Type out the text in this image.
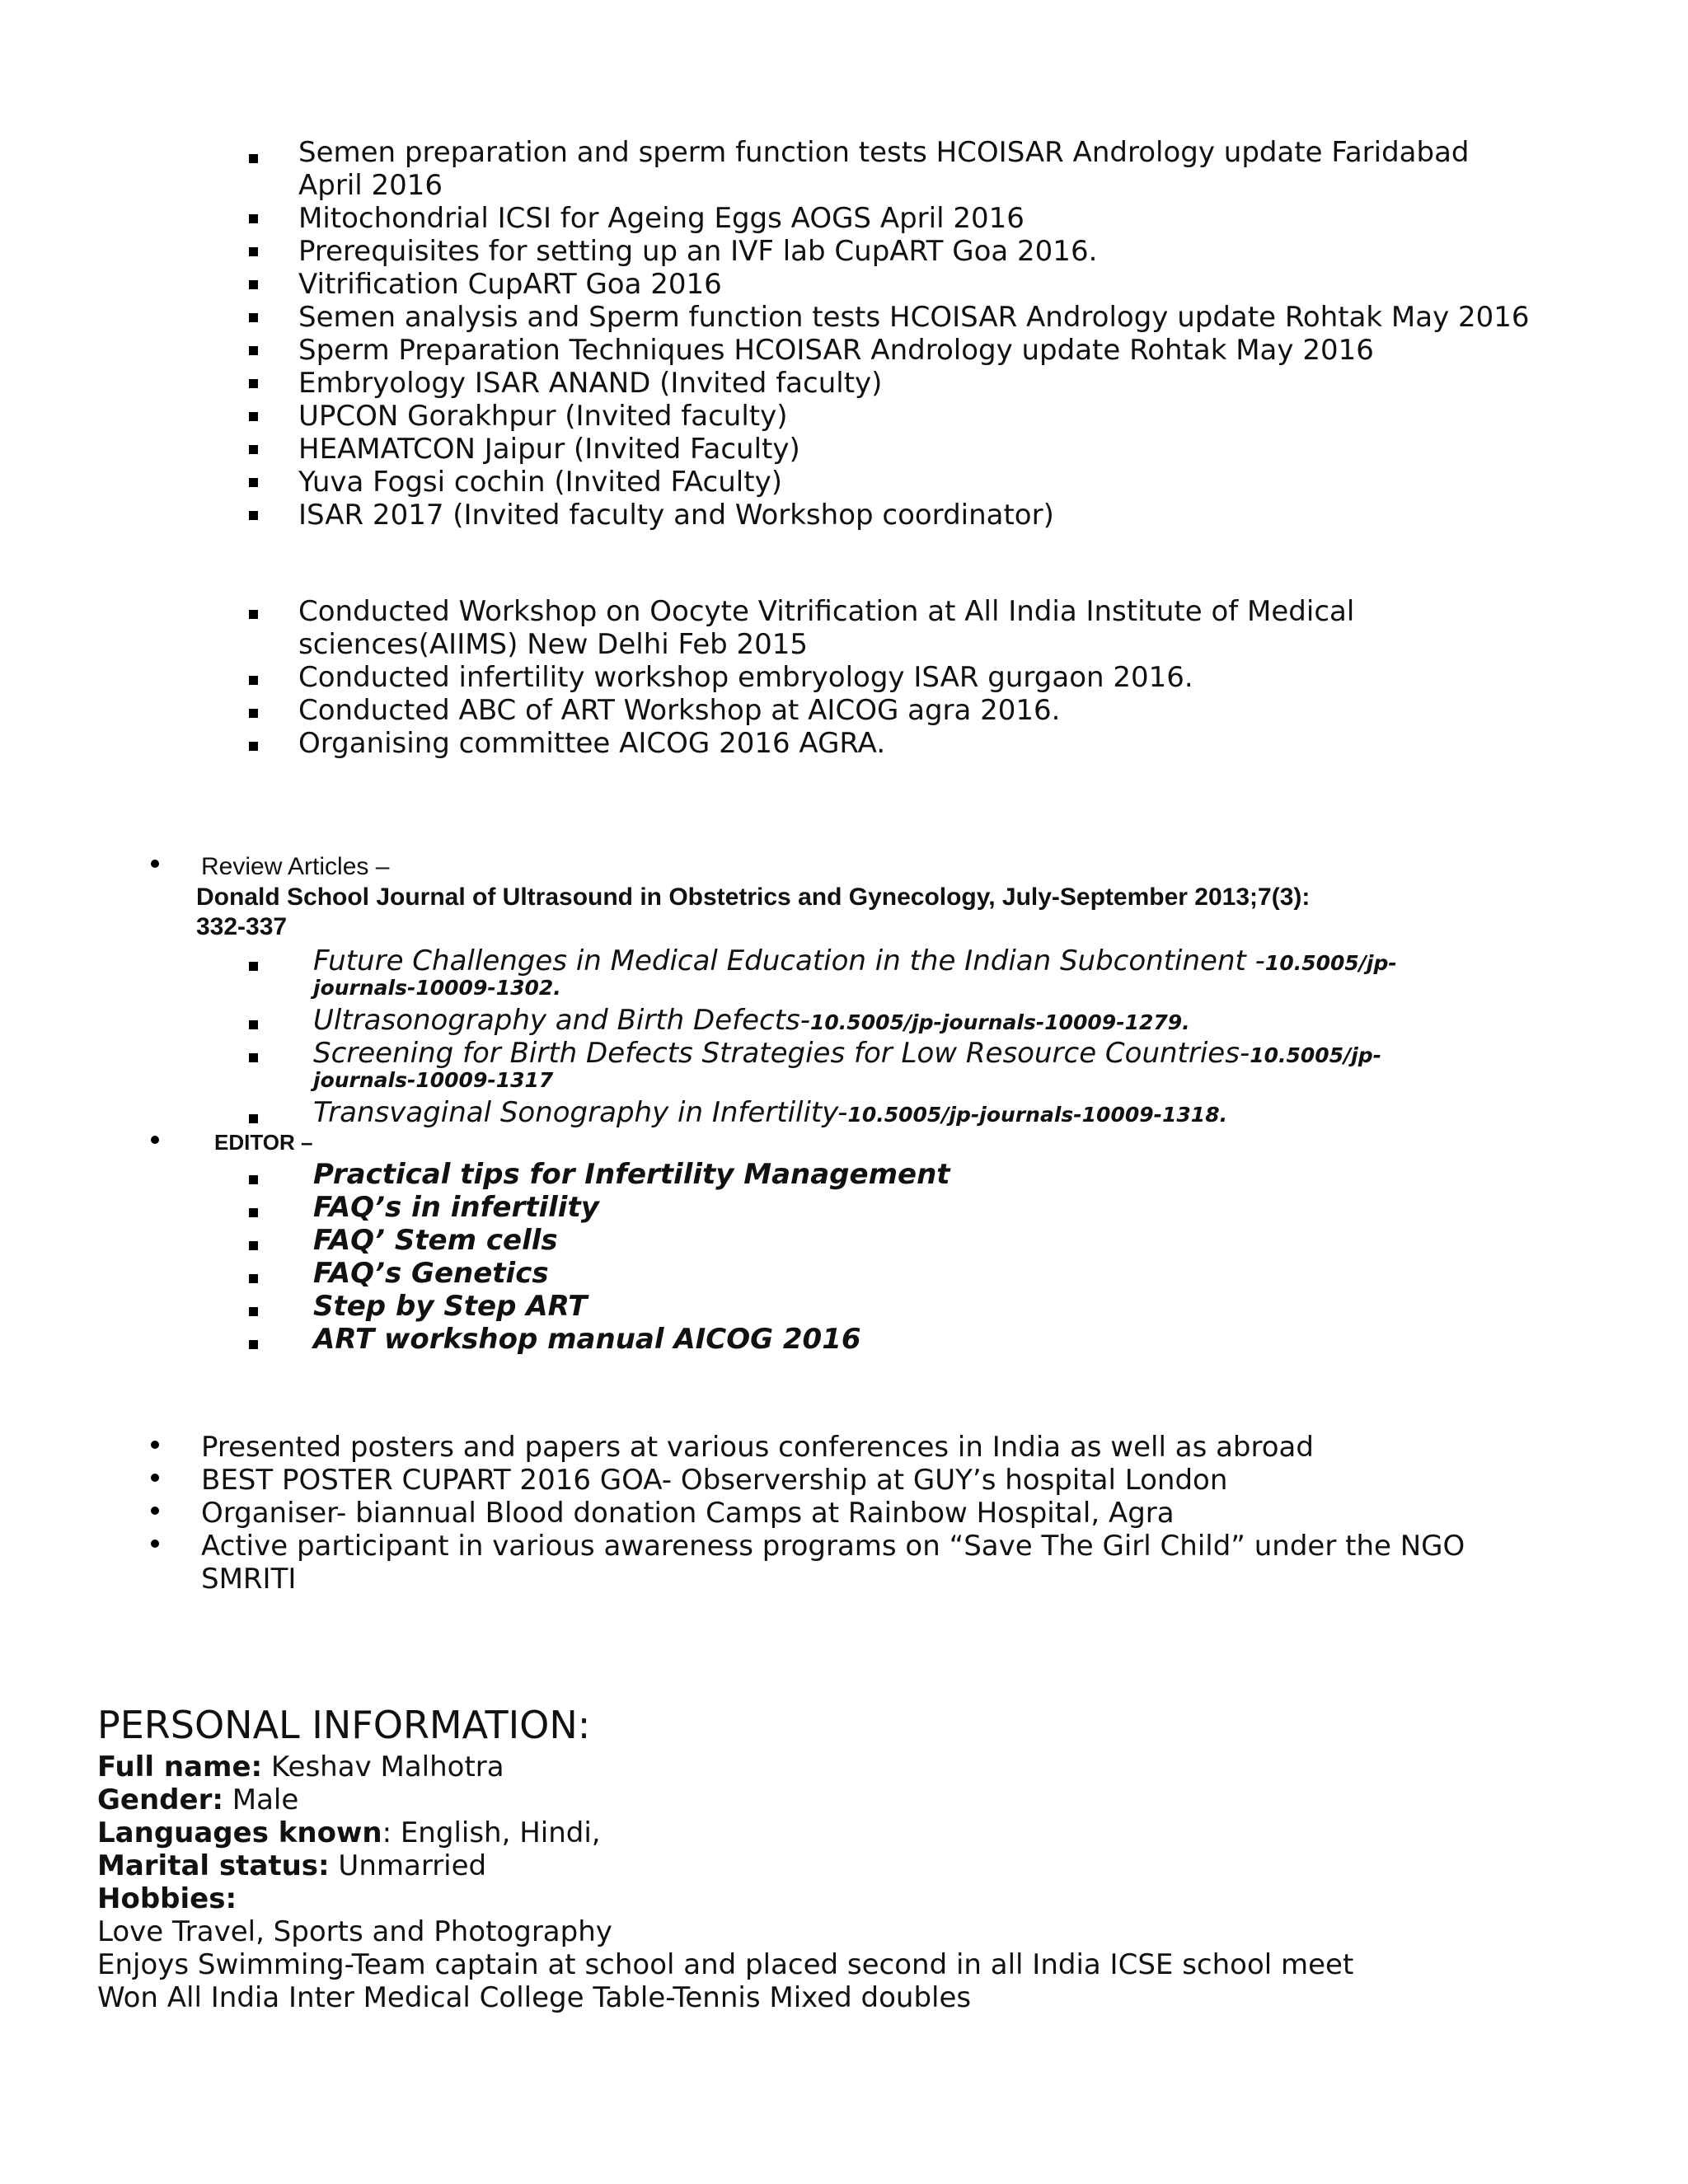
Semen preparation and sperm function tests HCOISAR Andrology update Faridabad
April 2016
Mitochondrial ICSI for Ageing Eggs AOGS April 2016
Prerequisites for setting up an IVF lab CupART Goa 2016.
Vitrification CupART Goa 2016
Semen analysis and Sperm function tests HCOISAR Andrology update Rohtak May 2016
Sperm Preparation Techniques HCOISAR Andrology update Rohtak May 2016
Embryology ISAR ANAND (Invited faculty)
UPCON Gorakhpur (Invited faculty)
HEAMATCON Jaipur (Invited Faculty)
Yuva Fogsi cochin (Invited FAculty)
ISAR 2017 (Invited faculty and Workshop coordinator)
Conducted Workshop on Oocyte Vitrification at All India Institute of Medical
sciences(AIIMS) New Delhi Feb 2015
Conducted infertility workshop embryology ISAR gurgaon 2016.
Conducted ABC of ART Workshop at AICOG agra 2016.
Organising committee AICOG 2016 AGRA.
Review Articles –
Donald School Journal of Ultrasound in Obstetrics and Gynecology, July-September 2013;7(3):
332-337
Future Challenges in Medical Education in the Indian Subcontinent -10.5005/jp-
journals-10009-1302.
Ultrasonography and Birth Defects-10.5005/jp-journals-10009-1279.
Screening for Birth Defects Strategies for Low Resource Countries-10.5005/jp-
journals-10009-1317
Transvaginal Sonography in Infertility-10.5005/jp-journals-10009-1318.
EDITOR –
Practical tips for Infertility Management
FAQ’s in infertility
FAQ’ Stem cells
FAQ’s Genetics
Step by Step ART
ART workshop manual AICOG 2016
Presented posters and papers at various conferences in India as well as abroad
BEST POSTER CUPART 2016 GOA- Observership at GUY’s hospital London
Organiser- biannual Blood donation Camps at Rainbow Hospital, Agra
Active participant in various awareness programs on “Save The Girl Child” under the NGO
SMRITI
PERSONAL INFORMATION:
Full name: Keshav Malhotra
Gender: Male
Languages known: English, Hindi,
Marital status: Unmarried
Hobbies:
Love Travel, Sports and Photography
Enjoys Swimming-Team captain at school and placed second in all India ICSE school meet
Won All India Inter Medical College Table-Tennis Mixed doubles
